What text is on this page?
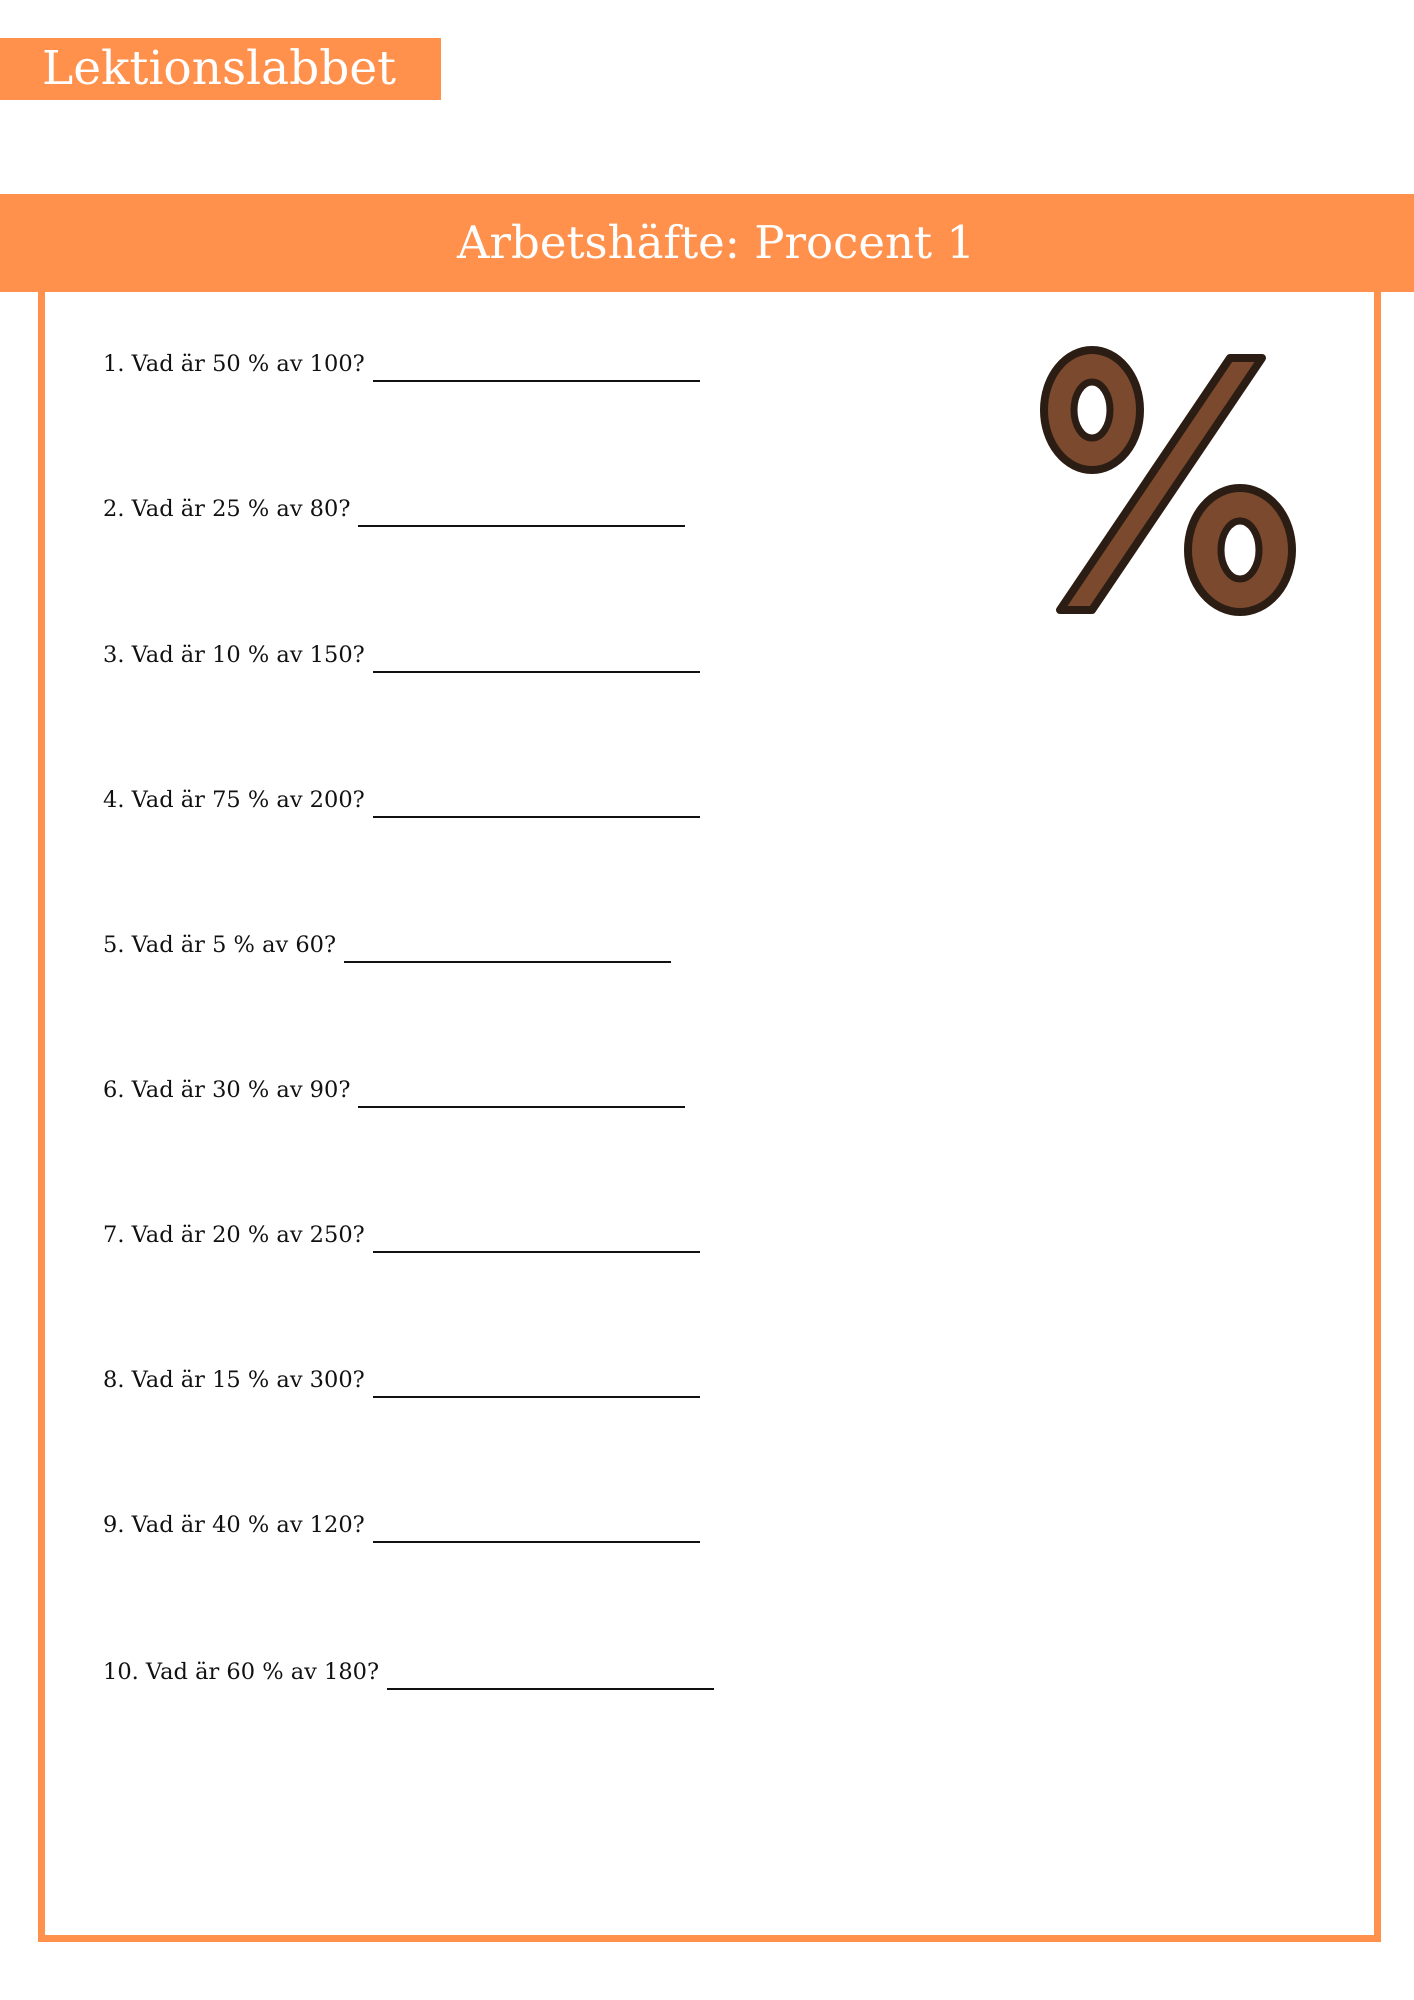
Lektionslabbet
Arbetshäfte: Procent 1
1. Vad är 50 % av 100?
2. Vad är 25 % av 80?
3. Vad är 10 % av 150?
4. Vad är 75 % av 200?
5. Vad är 5 % av 60?
6. Vad är 30 % av 90?
7. Vad är 20 % av 250?
8. Vad är 15 % av 300?
9. Vad är 40 % av 120?
10. Vad är 60 % av 180?
